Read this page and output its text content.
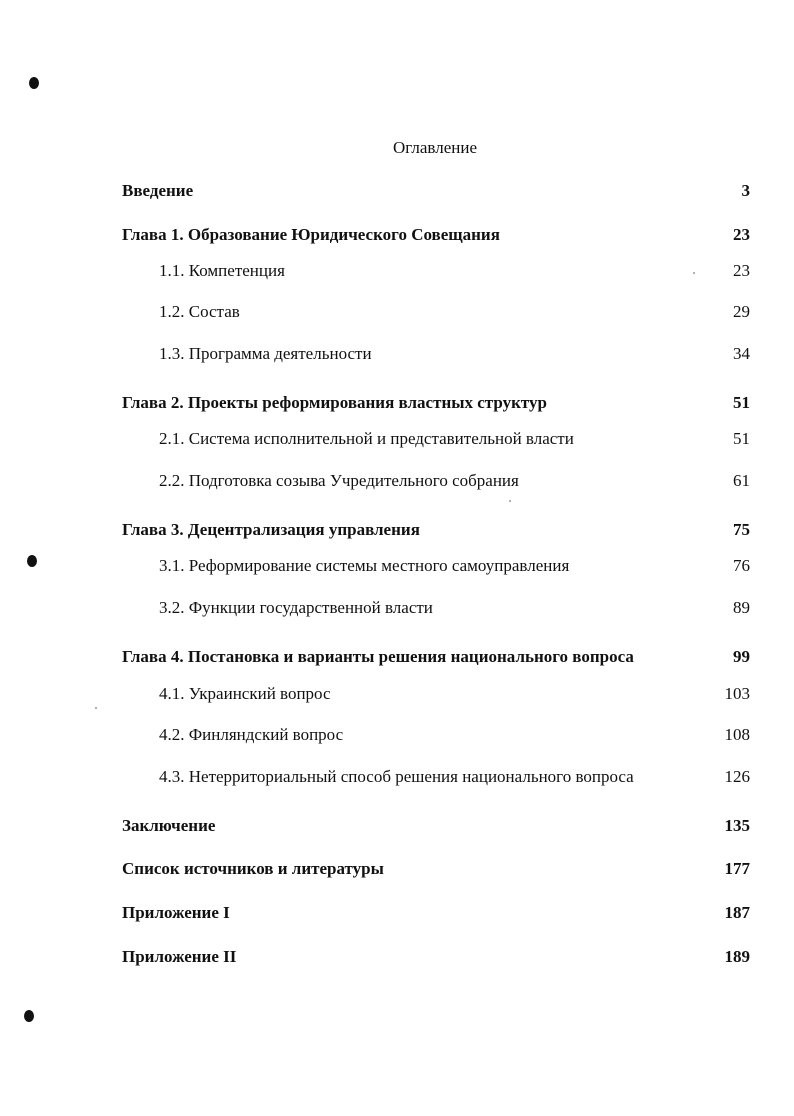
Оглавление
Введение	3
Глава 1. Образование Юридического Совещания	23
1.1. Компетенция	23
1.2. Состав	29
1.3. Программа деятельности	34
Глава 2. Проекты реформирования властных структур	51
2.1. Система исполнительной и представительной власти	51
2.2. Подготовка созыва Учредительного собрания	61
Глава 3. Децентрализация управления	75
3.1. Реформирование системы местного самоуправления	76
3.2. Функции государственной власти	89
Глава 4. Постановка и варианты решения национального вопроса	99
4.1. Украинский вопрос	103
4.2. Финляндский вопрос	108
4.3. Нетерриториальный способ решения национального вопроса	126
Заключение	135
Список источников и литературы	177
Приложение I	187
Приложение II	189
